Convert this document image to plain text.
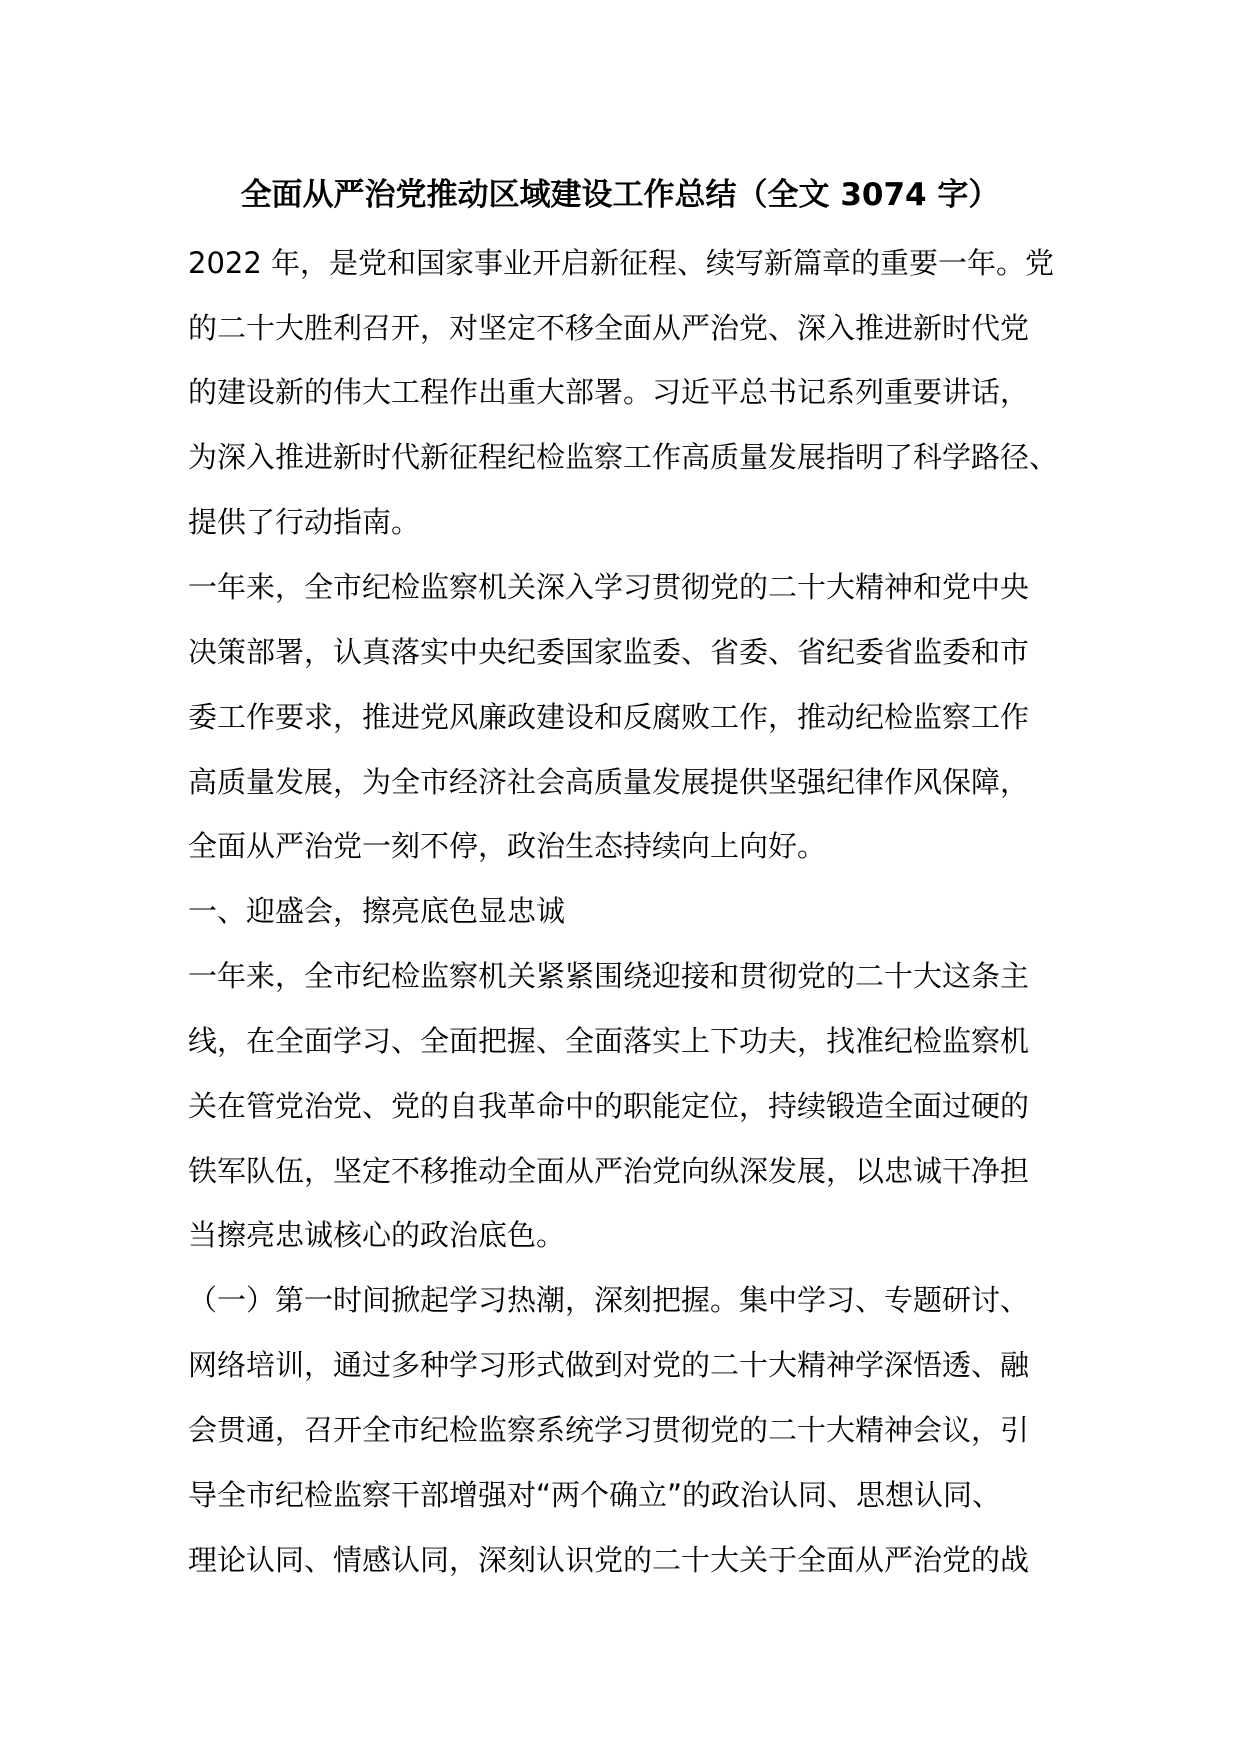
全面从严治党推动区域建设工作总结（全文 3074 字）
2022 年，是党和国家事业开启新征程、续写新篇章的重要一年。党
的二十大胜利召开，对坚定不移全面从严治党、深入推进新时代党
的建设新的伟大工程作出重大部署。习近平总书记系列重要讲话，
为深入推进新时代新征程纪检监察工作高质量发展指明了科学路径、
提供了行动指南。
一年来，全市纪检监察机关深入学习贯彻党的二十大精神和党中央
决策部署，认真落实中央纪委国家监委、省委、省纪委省监委和市
委工作要求，推进党风廉政建设和反腐败工作，推动纪检监察工作
高质量发展，为全市经济社会高质量发展提供坚强纪律作风保障，
全面从严治党一刻不停，政治生态持续向上向好。
一、迎盛会，擦亮底色显忠诚
一年来，全市纪检监察机关紧紧围绕迎接和贯彻党的二十大这条主
线，在全面学习、全面把握、全面落实上下功夫，找准纪检监察机
关在管党治党、党的自我革命中的职能定位，持续锻造全面过硬的
铁军队伍，坚定不移推动全面从严治党向纵深发展，以忠诚干净担
当擦亮忠诚核心的政治底色。
（一）第一时间掀起学习热潮，深刻把握。集中学习、专题研讨、
网络培训，通过多种学习形式做到对党的二十大精神学深悟透、融
会贯通，召开全市纪检监察系统学习贯彻党的二十大精神会议，引
导全市纪检监察干部增强对“两个确立”的政治认同、思想认同、
理论认同、情感认同，深刻认识党的二十大关于全面从严治党的战
